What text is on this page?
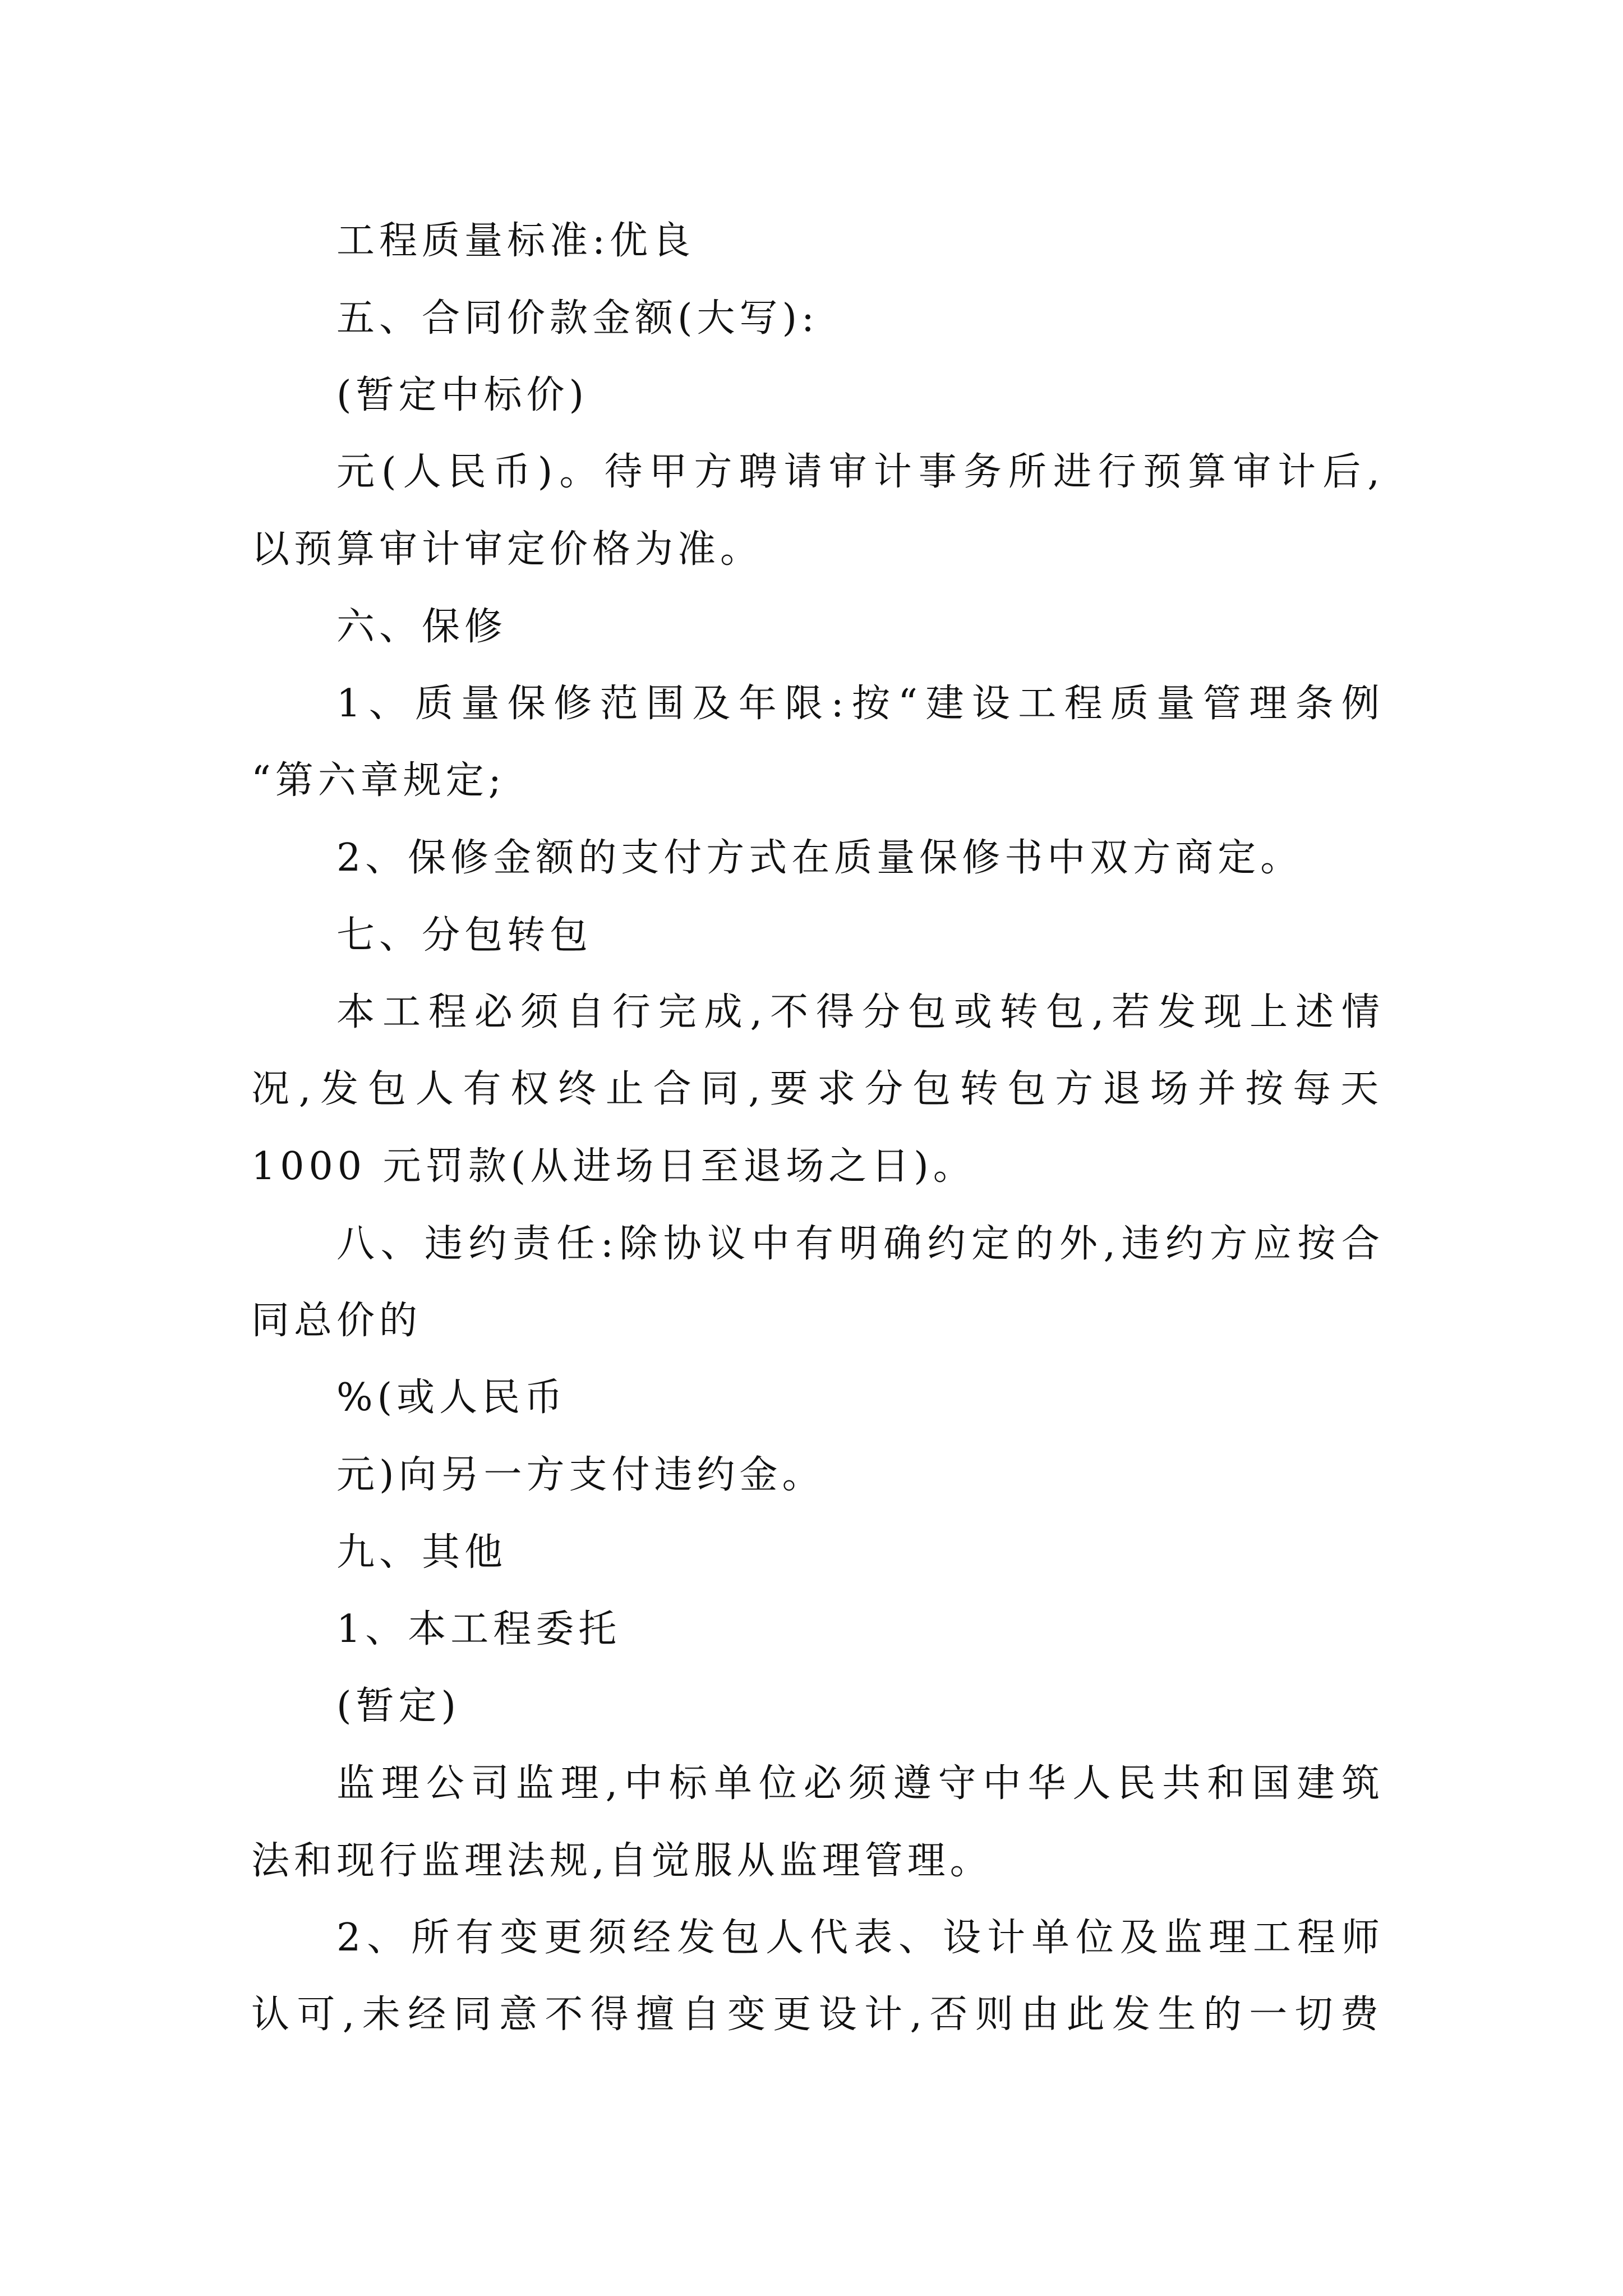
工程质量标准:优良

五、合同价款金额(大写):

(暂定中标价)

元(人民币)。待甲方聘请审计事务所进行预算审计后,

以预算审计审定价格为准。

六、保修

1、质量保修范围及年限:按“建设工程质量管理条例

“第六章规定;

2、保修金额的支付方式在质量保修书中双方商定。

七、分包转包

本工程必须自行完成,不得分包或转包,若发现上述情

况,发包人有权终止合同,要求分包转包方退场并按每天

1000 元罚款(从进场日至退场之日)。

八、违约责任:除协议中有明确约定的外,违约方应按合

同总价的

%(或人民币

元)向另一方支付违约金。

九、其他

1、本工程委托

(暂定)

监理公司监理,中标单位必须遵守中华人民共和国建筑

法和现行监理法规,自觉服从监理管理。

2、所有变更须经发包人代表、设计单位及监理工程师

认可,未经同意不得擅自变更设计,否则由此发生的一切费
